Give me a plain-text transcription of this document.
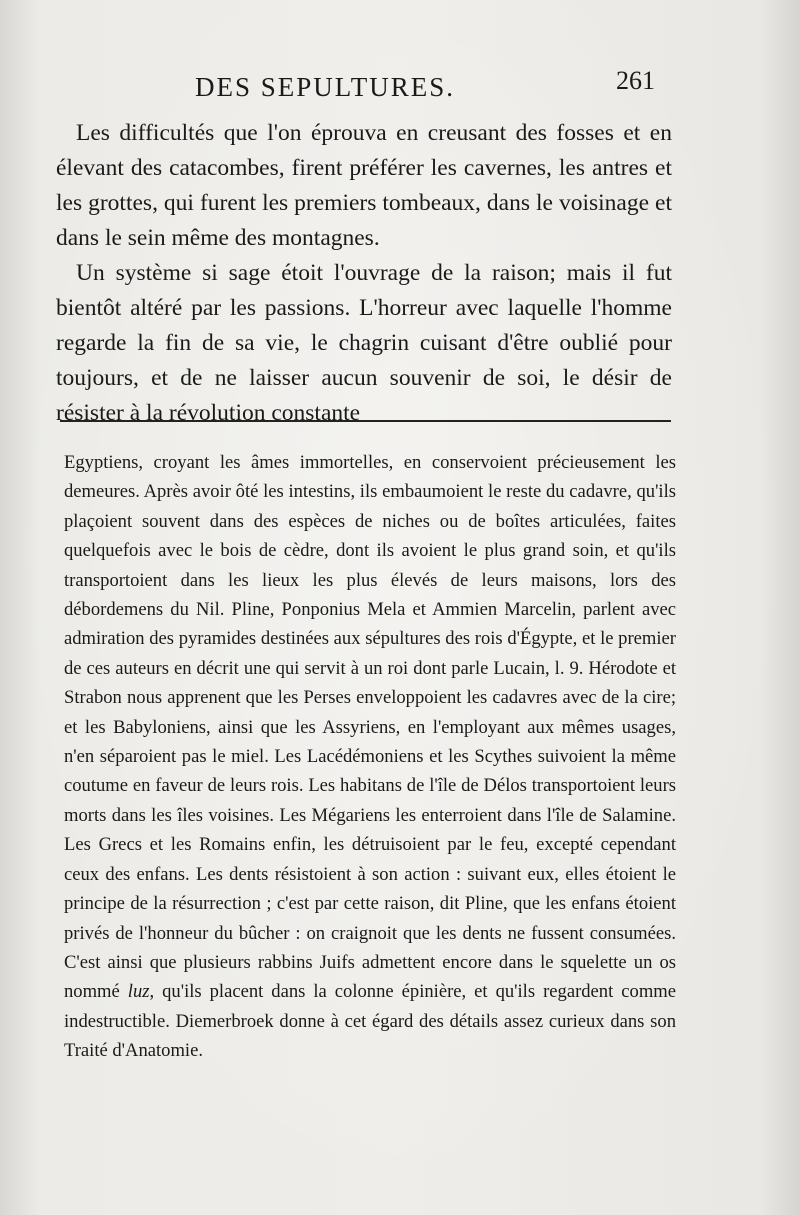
DES SEPULTURES.	261

Les difficultés que l'on éprouva en creusant des fosses et en élevant des catacombes, firent préférer les cavernes, les antres et les grottes, qui furent les premiers tombeaux, dans le voisinage et dans le sein même des montagnes.

Un système si sage étoit l'ouvrage de la raison; mais il fut bientôt altéré par les passions. L'horreur avec laquelle l'homme regarde la fin de sa vie, le chagrin cuisant d'être oublié pour toujours, et de ne laisser aucun souvenir de soi, le désir de résister à la révolution constante

Egyptiens, croyant les âmes immortelles, en conservoient précieusement les demeures. Après avoir ôté les intestins, ils embaumoient le reste du cadavre, qu'ils plaçoient souvent dans des espèces de niches ou de boîtes articulées, faites quelquefois avec le bois de cèdre, dont ils avoient le plus grand soin, et qu'ils transportoient dans les lieux les plus élevés de leurs maisons, lors des débordemens du Nil. Pline, Ponponius Mela et Ammien Marcelin, parlent avec admiration des pyramides destinées aux sépultures des rois d'Égypte, et le premier de ces auteurs en décrit une qui servit à un roi dont parle Lucain, l. 9. Hérodote et Strabon nous apprenent que les Perses enveloppoient les cadavres avec de la cire; et les Babyloniens, ainsi que les Assyriens, en l'employant aux mêmes usages, n'en séparoient pas le miel. Les Lacédémoniens et les Scythes suivoient la même coutume en faveur de leurs rois. Les habitans de l'île de Délos transportoient leurs morts dans les îles voisines. Les Mégariens les enterroient dans l'île de Salamine. Les Grecs et les Romains enfin, les détruisoient par le feu, excepté cependant ceux des enfans. Les dents résistoient à son action : suivant eux, elles étoient le principe de la résurrection ; c'est par cette raison, dit Pline, que les enfans étoient privés de l'honneur du bûcher : on craignoit que les dents ne fussent consumées. C'est ainsi que plusieurs rabbins Juifs admettent encore dans le squelette un os nommé luz, qu'ils placent dans la colonne épinière, et qu'ils regardent comme indestructible. Diemerbroek donne à cet égard des détails assez curieux dans son Traité d'Anatomie.
